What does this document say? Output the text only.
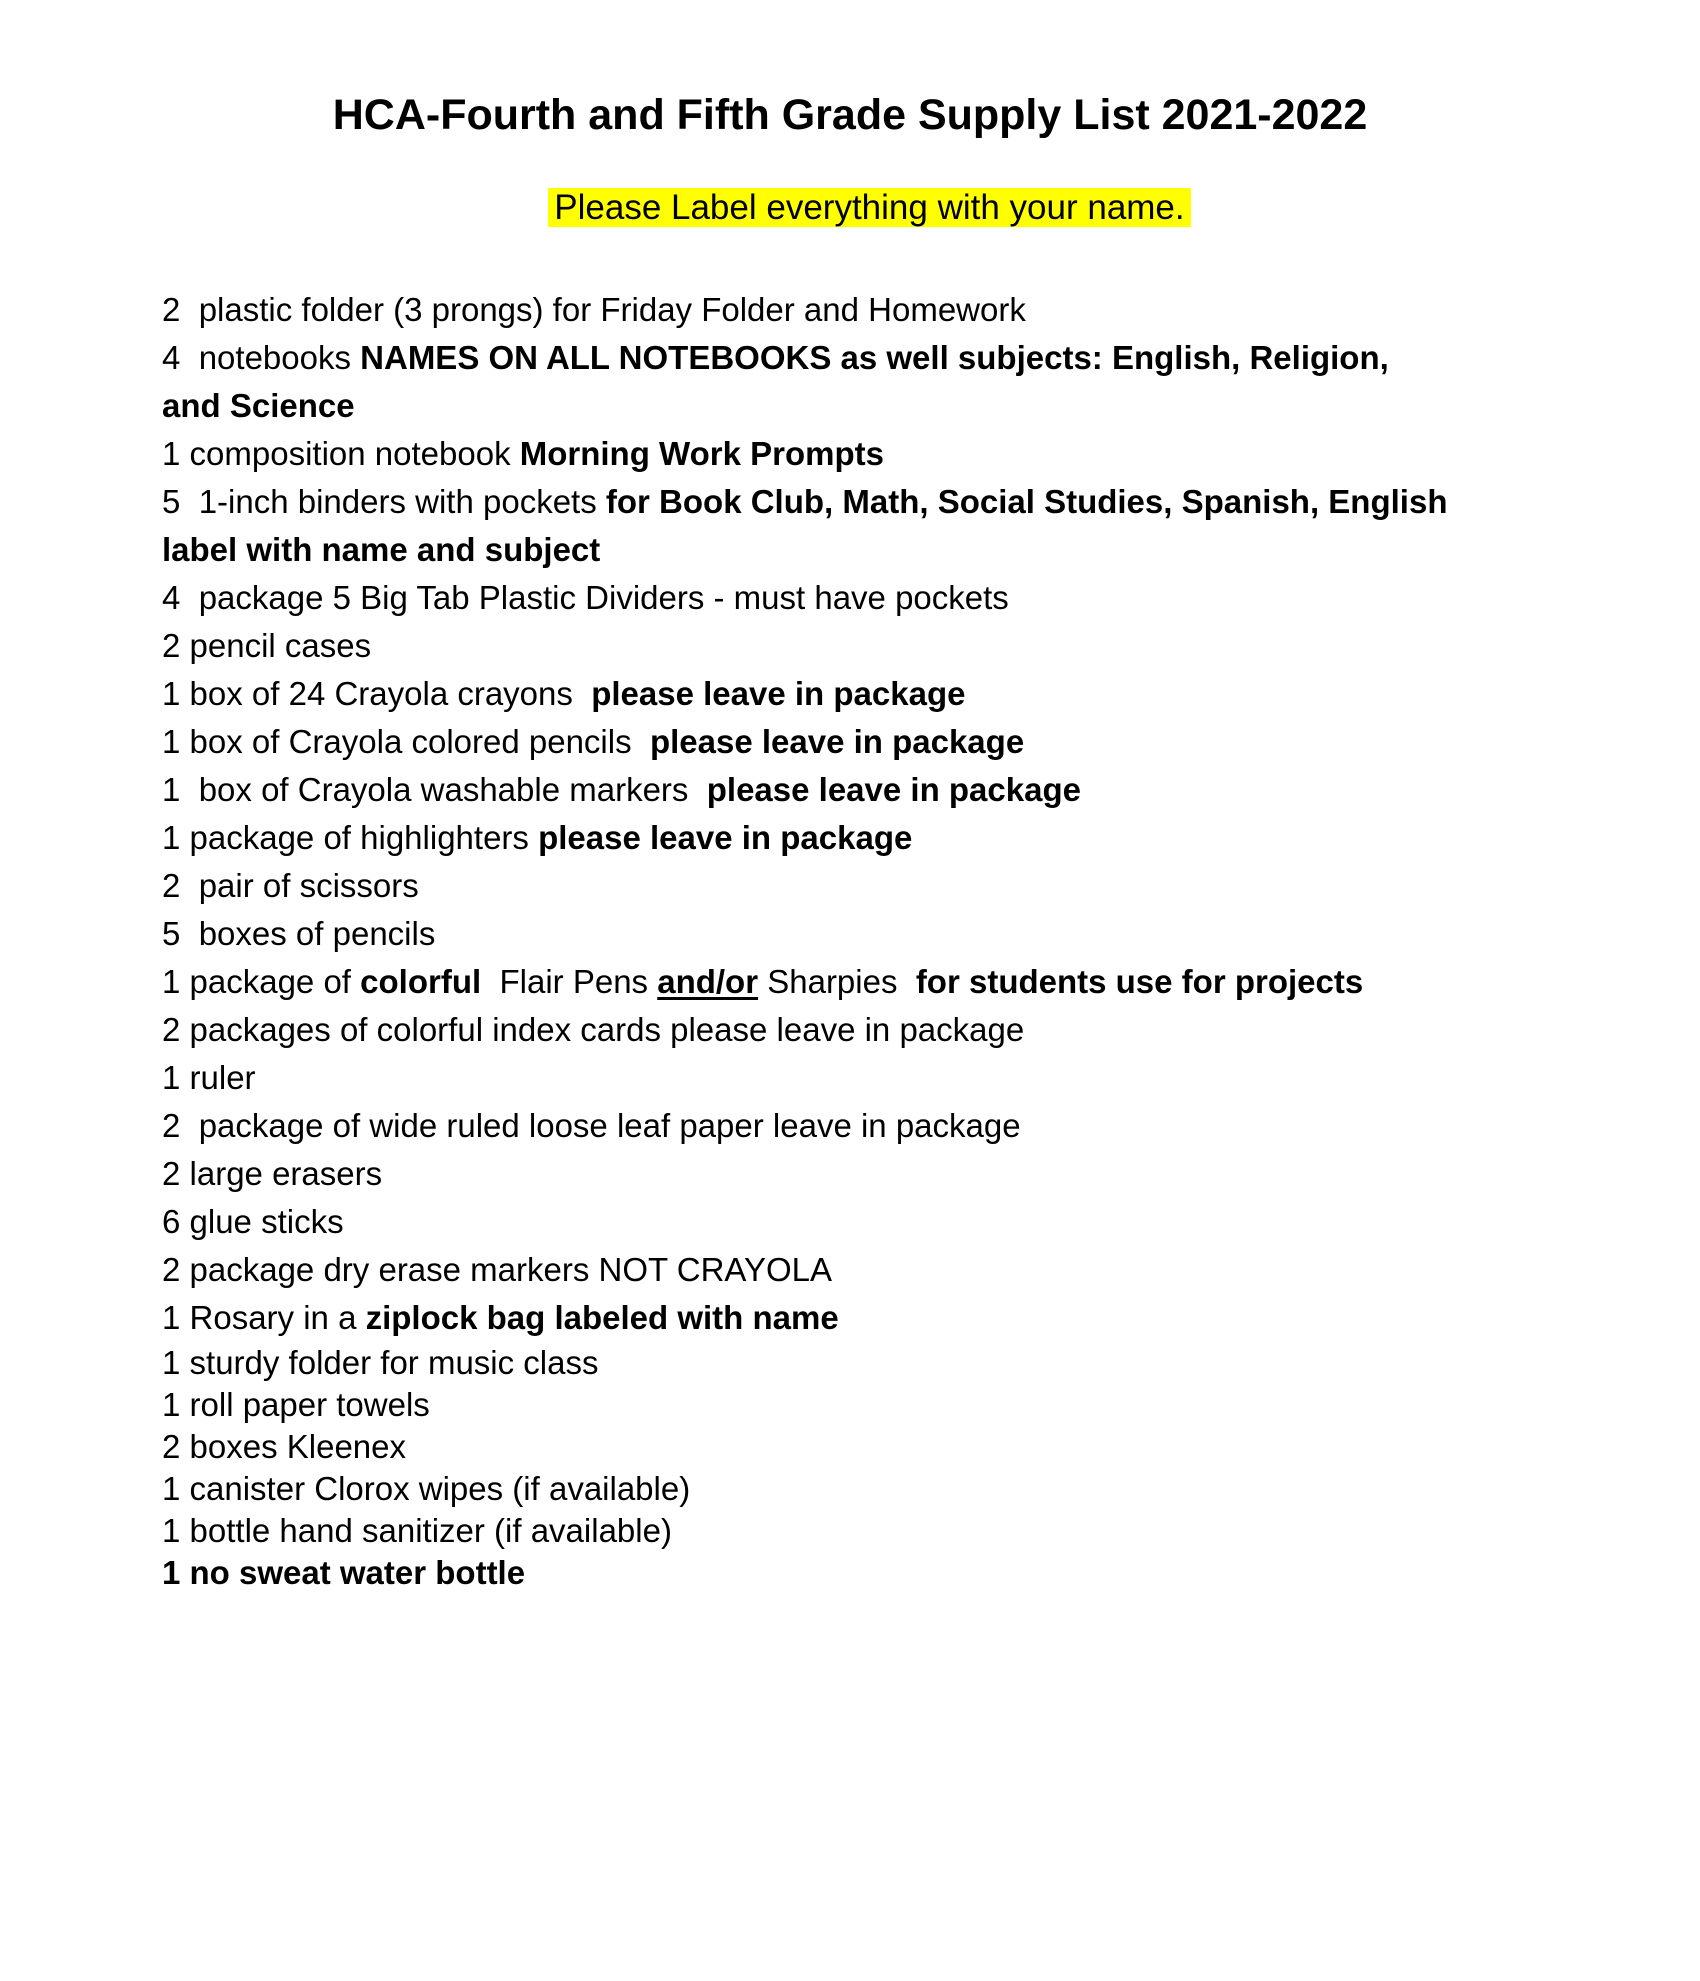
HCA-Fourth and Fifth Grade Supply List 2021-2022

Please Label everything with your name.

2  plastic folder (3 prongs) for Friday Folder and Homework
4  notebooks NAMES ON ALL NOTEBOOKS as well subjects: English, Religion,
and Science
1 composition notebook Morning Work Prompts
5  1-inch binders with pockets for Book Club, Math, Social Studies, Spanish, English
label with name and subject
4  package 5 Big Tab Plastic Dividers - must have pockets
2 pencil cases
1 box of 24 Crayola crayons  please leave in package
1 box of Crayola colored pencils  please leave in package
1  box of Crayola washable markers  please leave in package
1 package of highlighters please leave in package
2  pair of scissors
5  boxes of pencils
1 package of colorful  Flair Pens and/or Sharpies  for students use for projects
2 packages of colorful index cards please leave in package
1 ruler
2  package of wide ruled loose leaf paper leave in package
2 large erasers
6 glue sticks
2 package dry erase markers NOT CRAYOLA
1 Rosary in a ziplock bag labeled with name
1 sturdy folder for music class
1 roll paper towels
2 boxes Kleenex
1 canister Clorox wipes (if available)
1 bottle hand sanitizer (if available)
1 no sweat water bottle
